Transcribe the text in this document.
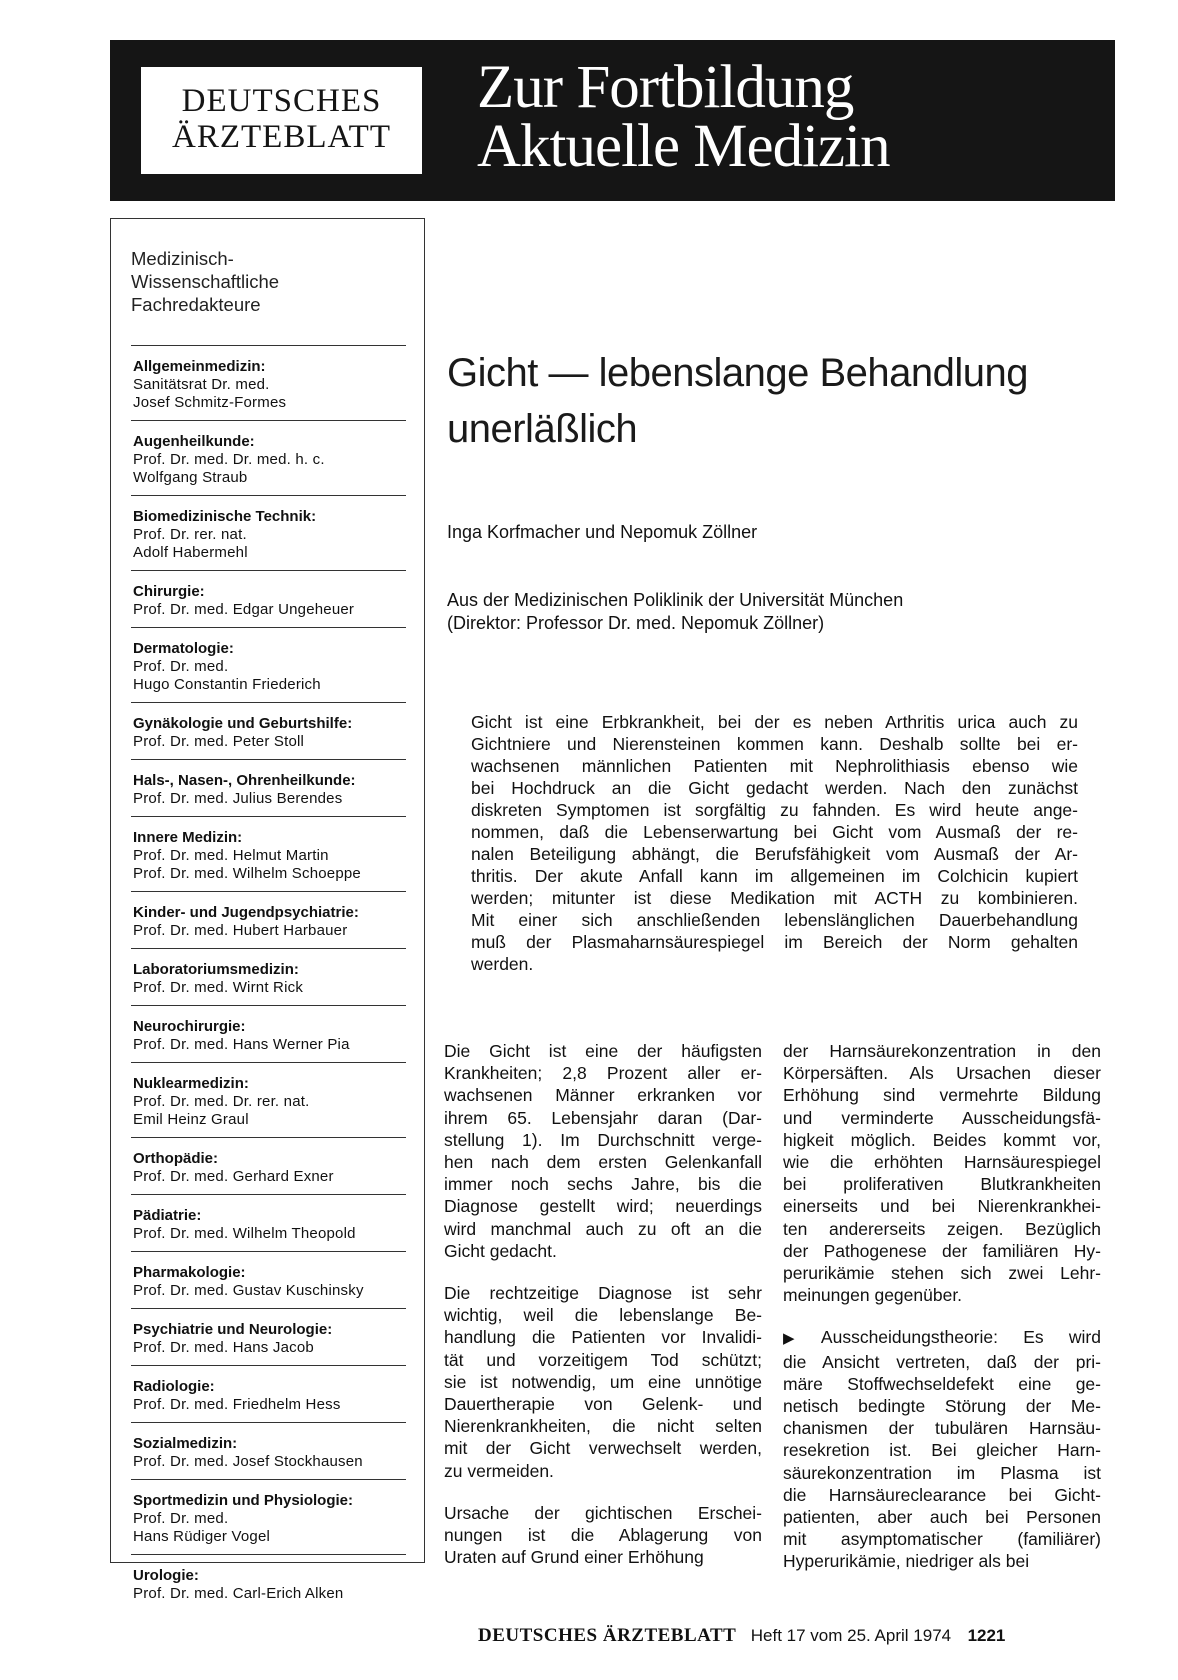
DEUTSCHES
ÄRZTEBLATT
Zur Fortbildung
Aktuelle Medizin
Medizinisch-
Wissenschaftliche
Fachredakteure
Allgemeinmedizin:
Sanitätsrat Dr. med.
Josef Schmitz-Formes
Augenheilkunde:
Prof. Dr. med. Dr. med. h. c.
Wolfgang Straub
Biomedizinische Technik:
Prof. Dr. rer. nat.
Adolf Habermehl
Chirurgie:
Prof. Dr. med. Edgar Ungeheuer
Dermatologie:
Prof. Dr. med.
Hugo Constantin Friederich
Gynäkologie und Geburtshilfe:
Prof. Dr. med. Peter Stoll
Hals-, Nasen-, Ohrenheilkunde:
Prof. Dr. med. Julius Berendes
Innere Medizin:
Prof. Dr. med. Helmut Martin
Prof. Dr. med. Wilhelm Schoeppe
Kinder- und Jugendpsychiatrie:
Prof. Dr. med. Hubert Harbauer
Laboratoriumsmedizin:
Prof. Dr. med. Wirnt Rick
Neurochirurgie:
Prof. Dr. med. Hans Werner Pia
Nuklearmedizin:
Prof. Dr. med. Dr. rer. nat.
Emil Heinz Graul
Orthopädie:
Prof. Dr. med. Gerhard Exner
Pädiatrie:
Prof. Dr. med. Wilhelm Theopold
Pharmakologie:
Prof. Dr. med. Gustav Kuschinsky
Psychiatrie und Neurologie:
Prof. Dr. med. Hans Jacob
Radiologie:
Prof. Dr. med. Friedhelm Hess
Sozialmedizin:
Prof. Dr. med. Josef Stockhausen
Sportmedizin und Physiologie:
Prof. Dr. med.
Hans Rüdiger Vogel
Urologie:
Prof. Dr. med. Carl-Erich Alken
Gicht — lebenslange Behandlung
unerläßlich
Inga Korfmacher und Nepomuk Zöllner
Aus der Medizinischen Poliklinik der Universität München
(Direktor: Professor Dr. med. Nepomuk Zöllner)
Gicht ist eine Erbkrankheit, bei der es neben Arthritis urica auch zu
Gichtniere und Nierensteinen kommen kann. Deshalb sollte bei er-
wachsenen männlichen Patienten mit Nephrolithiasis ebenso wie
bei Hochdruck an die Gicht gedacht werden. Nach den zunächst
diskreten Symptomen ist sorgfältig zu fahnden. Es wird heute ange-
nommen, daß die Lebenserwartung bei Gicht vom Ausmaß der re-
nalen Beteiligung abhängt, die Berufsfähigkeit vom Ausmaß der Ar-
thritis. Der akute Anfall kann im allgemeinen im Colchicin kupiert
werden; mitunter ist diese Medikation mit ACTH zu kombinieren.
Mit einer sich anschließenden lebenslänglichen Dauerbehandlung
muß der Plasmaharnsäurespiegel im Bereich der Norm gehalten
werden.

Die Gicht ist eine der häufigsten
Krankheiten; 2,8 Prozent aller er-
wachsenen Männer erkranken vor
ihrem 65. Lebensjahr daran (Dar-
stellung 1). Im Durchschnitt verge-
hen nach dem ersten Gelenkanfall
immer noch sechs Jahre, bis die
Diagnose gestellt wird; neuerdings
wird manchmal auch zu oft an die
Gicht gedacht.

Die rechtzeitige Diagnose ist sehr
wichtig, weil die lebenslange Be-
handlung die Patienten vor Invalidi-
tät und vorzeitigem Tod schützt;
sie ist notwendig, um eine unnötige
Dauertherapie von Gelenk- und
Nierenkrankheiten, die nicht selten
mit der Gicht verwechselt werden,
zu vermeiden.

Ursache der gichtischen Erschei-
nungen ist die Ablagerung von
Uraten auf Grund einer Erhöhung

der Harnsäurekonzentration in den
Körpersäften. Als Ursachen dieser
Erhöhung sind vermehrte Bildung
und verminderte Ausscheidungsfä-
higkeit möglich. Beides kommt vor,
wie die erhöhten Harnsäurespiegel
bei proliferativen Blutkrankheiten
einerseits und bei Nierenkrankhei-
ten andererseits zeigen. Bezüglich
der Pathogenese der familiären Hy-
perurikämie stehen sich zwei Lehr-
meinungen gegenüber.

▶ Ausscheidungstheorie: Es wird
die Ansicht vertreten, daß der pri-
märe Stoffwechseldefekt eine ge-
netisch bedingte Störung der Me-
chanismen der tubulären Harnsäu-
resekretion ist. Bei gleicher Harn-
säurekonzentration im Plasma ist
die Harnsäureclearance bei Gicht-
patienten, aber auch bei Personen
mit asymptomatischer (familiärer)
Hyperurikämie, niedriger als bei

DEUTSCHES ÄRZTEBLATT Heft 17 vom 25. April 1974 1221
